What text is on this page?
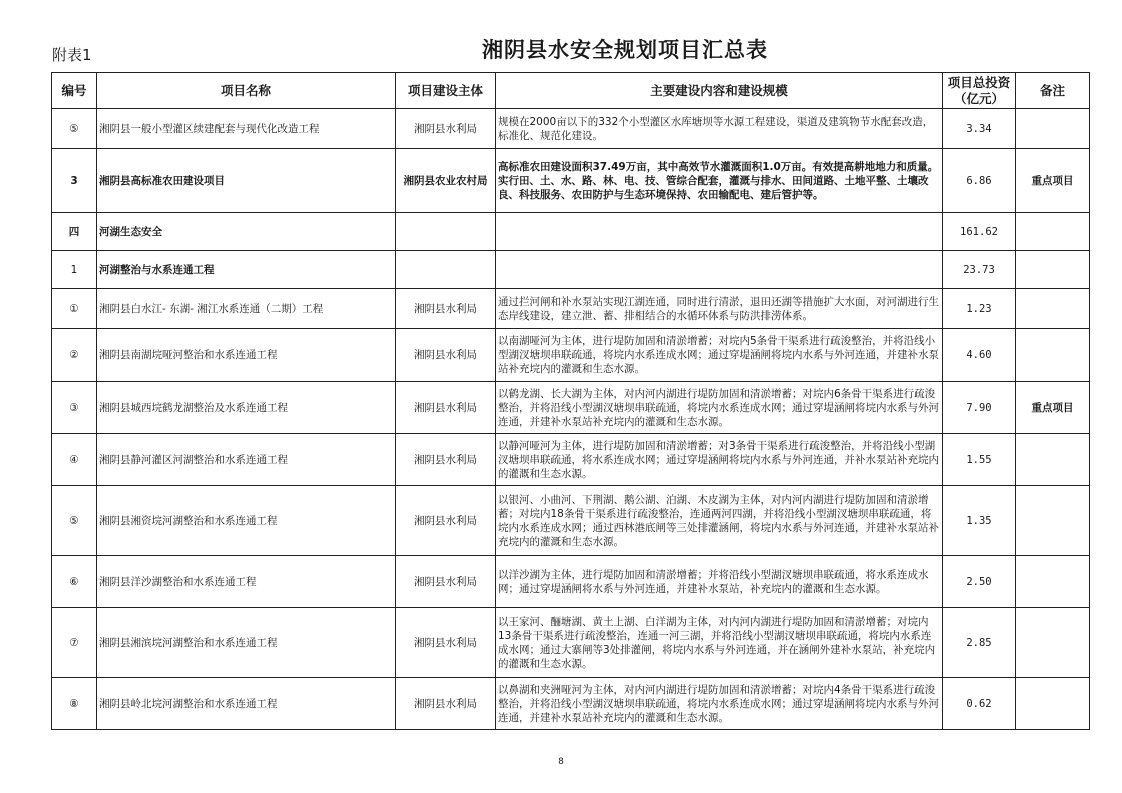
附表1	湘阴县水安全规划项目汇总表
编号	项目名称	项目建设主体	主要建设内容和建设规模	项目总投资（亿元）	备注
⑤	湘阴县一般小型灌区续建配套与现代化改造工程	湘阴县水利局	规模在2000亩以下的332个小型灌区水库塘坝等水源工程建设，渠道及建筑物节水配套改造，标准化、规范化建设。	3.34	
3	湘阴县高标准农田建设项目	湘阴县农业农村局	高标准农田建设面积37.49万亩，其中高效节水灌溉面积1.0万亩。有效提高耕地地力和质量。实行田、土、水、路、林、电、技、管综合配套，灌溉与排水、田间道路、土地平整、土壤改良、科技服务、农田防护与生态环境保持、农田输配电、建后管护等。	6.86	重点项目
四	河湖生态安全			161.62	
1	河湖整治与水系连通工程			23.73	
①	湘阴县白水江- 东湖- 湘江水系连通（二期）工程	湘阴县水利局	通过拦河闸和补水泵站实现江湖连通，同时进行清淤，退田还湖等措施扩大水面，对河湖进行生态岸线建设，建立泄、蓄、排相结合的水循环体系与防洪排涝体系。	1.23	
②	湘阴县南湖垸哑河整治和水系连通工程	湘阴县水利局	以南湖哑河为主体，进行堤防加固和清淤增蓄；对垸内5条骨干渠系进行疏浚整治，并将沿线小型湖汊塘坝串联疏通，将垸内水系连成水网；通过穿堤涵闸将垸内水系与外河连通，并建补水泵站补充垸内的灌溉和生态水源。	4.60	
③	湘阴县城西垸鹤龙湖整治及水系连通工程	湘阴县水利局	以鹤龙湖、长大湖为主体，对内河内湖进行堤防加固和清淤增蓄；对垸内6条骨干渠系进行疏浚整治，并将沿线小型湖汊塘坝串联疏通，将垸内水系连成水网；通过穿堤涵闸将垸内水系与外河连通，并建补水泵站补充垸内的灌溉和生态水源。	7.90	重点项目
④	湘阴县静河灌区河湖整治和水系连通工程	湘阴县水利局	以静河哑河为主体，进行堤防加固和清淤增蓄；对3条骨干渠系进行疏浚整治，并将沿线小型湖汊塘坝串联疏通，将水系连成水网；通过穿堤涵闸将垸内水系与外河连通，并补水泵站补充垸内的灌溉和生态水源。	1.55	
⑤	湘阴县湘资垸河湖整治和水系连通工程	湘阴县水利局	以银河、小曲河、下荆湖、鹅公湖、泊湖、木皮湖为主体，对内河内湖进行堤防加固和清淤增蓄；对垸内18条骨干渠系进行疏浚整治，连通两河四湖，并将沿线小型湖汊塘坝串联疏通，将垸内水系连成水网；通过西林港底闸等三处排灌涵闸，将垸内水系与外河连通，并建补水泵站补充垸内的灌溉和生态水源。	1.35	
⑥	湘阴县洋沙湖整治和水系连通工程	湘阴县水利局	以洋沙湖为主体，进行堤防加固和清淤增蓄；并将沿线小型湖汊塘坝串联疏通，将水系连成水网；通过穿堤涵闸将水系与外河连通，并建补水泵站，补充垸内的灌溉和生态水源。	2.50	
⑦	湘阴县湘滨垸河湖整治和水系连通工程	湘阴县水利局	以王家河、酾塘湖、黄土上湖、白洋湖为主体，对内河内湖进行堤防加固和清淤增蓄；对垸内13条骨干渠系进行疏浚整治，连通一河三湖，并将沿线小型湖汊塘坝串联疏通，将垸内水系连成水网；通过大寨闸等3处排灌闸，将垸内水系与外河连通，并在涵闸外建补水泵站，补充垸内的灌溉和生态水源。	2.85	
⑧	湘阴县岭北垸河湖整治和水系连通工程	湘阴县水利局	以鼻湖和夹洲哑河为主体，对内河内湖进行堤防加固和清淤增蓄；对垸内4条骨干渠系进行疏浚整治，并将沿线小型湖汊塘坝串联疏通，将垸内水系连成水网；通过穿堤涵闸将垸内水系与外河连通，并建补水泵站补充垸内的灌溉和生态水源。	0.62	
8
